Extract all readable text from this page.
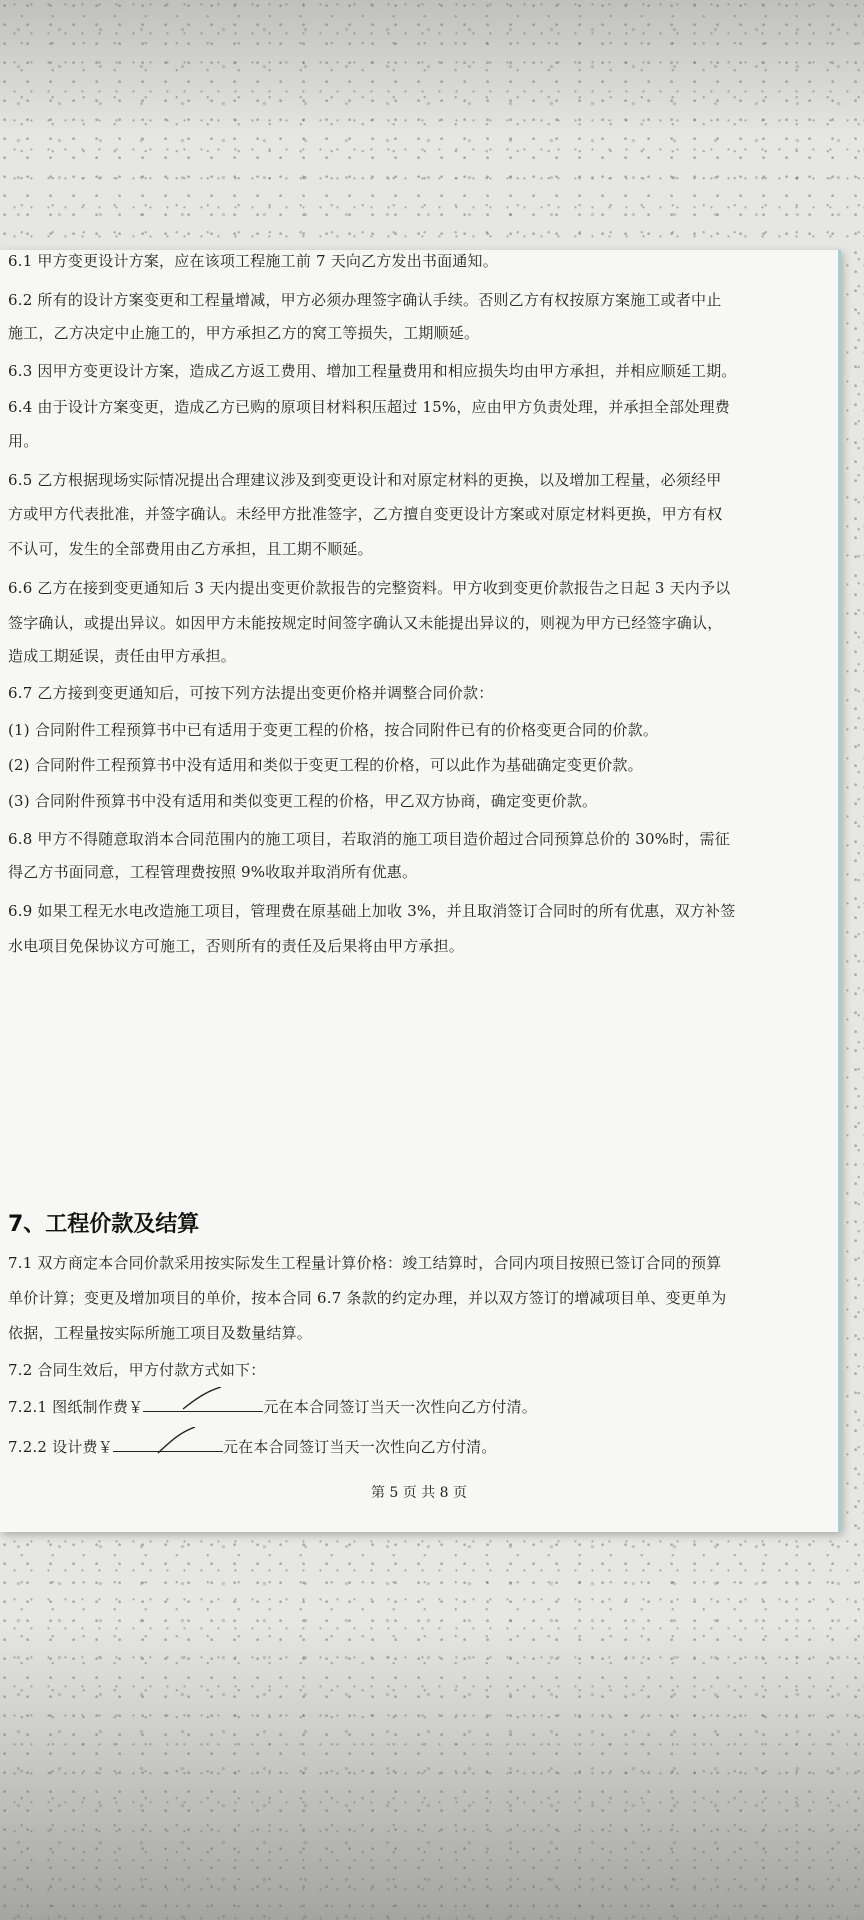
6.1 甲方变更设计方案，应在该项工程施工前 7 天向乙方发出书面通知。
6.2 所有的设计方案变更和工程量增减，甲方必须办理签字确认手续。否则乙方有权按原方案施工或者中止
施工，乙方决定中止施工的，甲方承担乙方的窝工等损失，工期顺延。
6.3 因甲方变更设计方案，造成乙方返工费用、增加工程量费用和相应损失均由甲方承担，并相应顺延工期。
6.4 由于设计方案变更，造成乙方已购的原项目材料积压超过 15%，应由甲方负责处理，并承担全部处理费
用。
6.5 乙方根据现场实际情况提出合理建议涉及到变更设计和对原定材料的更换，以及增加工程量，必须经甲
方或甲方代表批准，并签字确认。未经甲方批准签字，乙方擅自变更设计方案或对原定材料更换，甲方有权
不认可，发生的全部费用由乙方承担，且工期不顺延。
6.6 乙方在接到变更通知后 3 天内提出变更价款报告的完整资料。甲方收到变更价款报告之日起 3 天内予以
签字确认，或提出异议。如因甲方未能按规定时间签字确认又未能提出异议的，则视为甲方已经签字确认，
造成工期延误，责任由甲方承担。
6.7 乙方接到变更通知后，可按下列方法提出变更价格并调整合同价款：
(1) 合同附件工程预算书中已有适用于变更工程的价格，按合同附件已有的价格变更合同的价款。
(2) 合同附件工程预算书中没有适用和类似于变更工程的价格，可以此作为基础确定变更价款。
(3) 合同附件预算书中没有适用和类似变更工程的价格，甲乙双方协商，确定变更价款。
6.8 甲方不得随意取消本合同范围内的施工项目，若取消的施工项目造价超过合同预算总价的 30%时，需征
得乙方书面同意，工程管理费按照 9%收取并取消所有优惠。
6.9 如果工程无水电改造施工项目，管理费在原基础上加收 3%，并且取消签订合同时的所有优惠，双方补签
水电项目免保协议方可施工，否则所有的责任及后果将由甲方承担。
7、工程价款及结算
7.1 双方商定本合同价款采用按实际发生工程量计算价格：竣工结算时，合同内项目按照已签订合同的预算
单价计算；变更及增加项目的单价，按本合同 6.7 条款的约定办理，并以双方签订的增减项目单、变更单为
依据，工程量按实际所施工项目及数量结算。
7.2 合同生效后，甲方付款方式如下：
7.2.1 图纸制作费￥	元在本合同签订当天一次性向乙方付清。
7.2.2 设计费￥	元在本合同签订当天一次性向乙方付清。
第 5 页 共 8 页
